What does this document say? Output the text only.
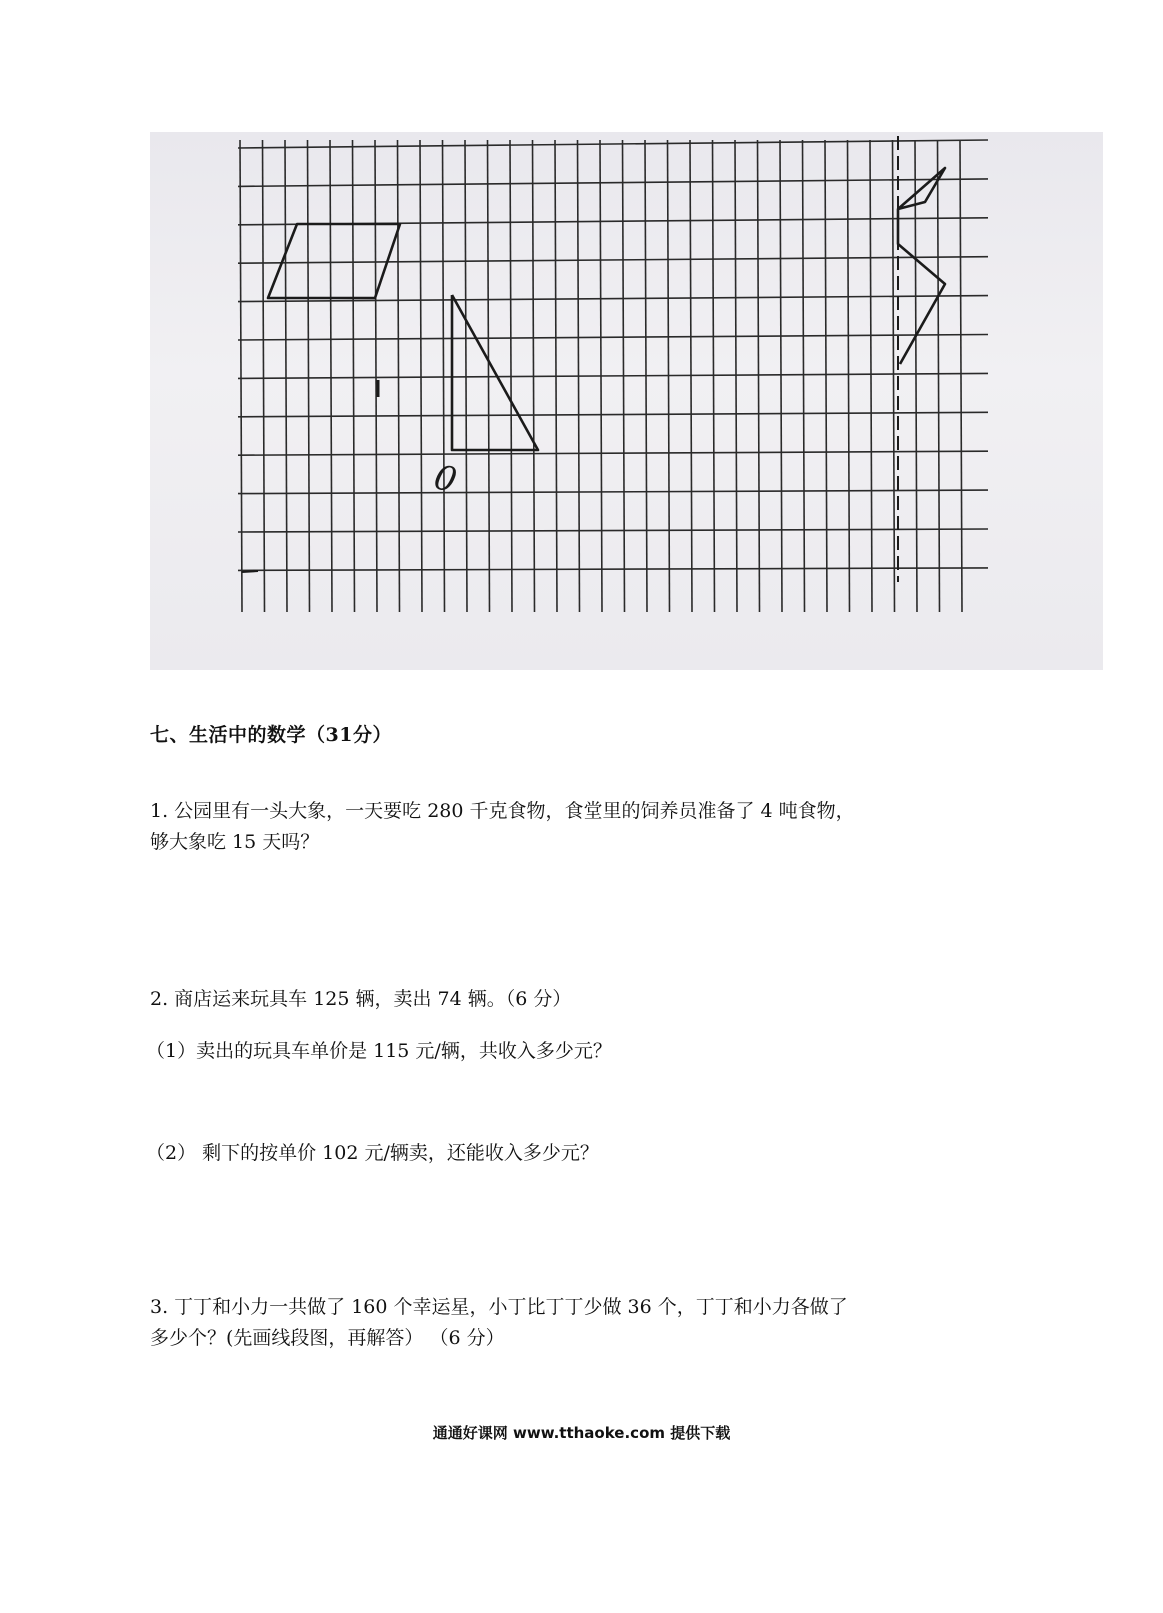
0
七、生活中的数学（31分）
1. 公园里有一头大象，一天要吃 280 千克食物，食堂里的饲养员准备了 4 吨食物，
够大象吃 15 天吗？
2. 商店运来玩具车 125 辆，卖出 74 辆。（6 分）
（1）卖出的玩具车单价是 115 元/辆，共收入多少元？
（2） 剩下的按单价 102 元/辆卖，还能收入多少元？
3. 丁丁和小力一共做了 160 个幸运星，小丁比丁丁少做 36 个，丁丁和小力各做了
多少个？(先画线段图，再解答） （6 分）
通通好课网 www.tthaoke.com 提供下载
